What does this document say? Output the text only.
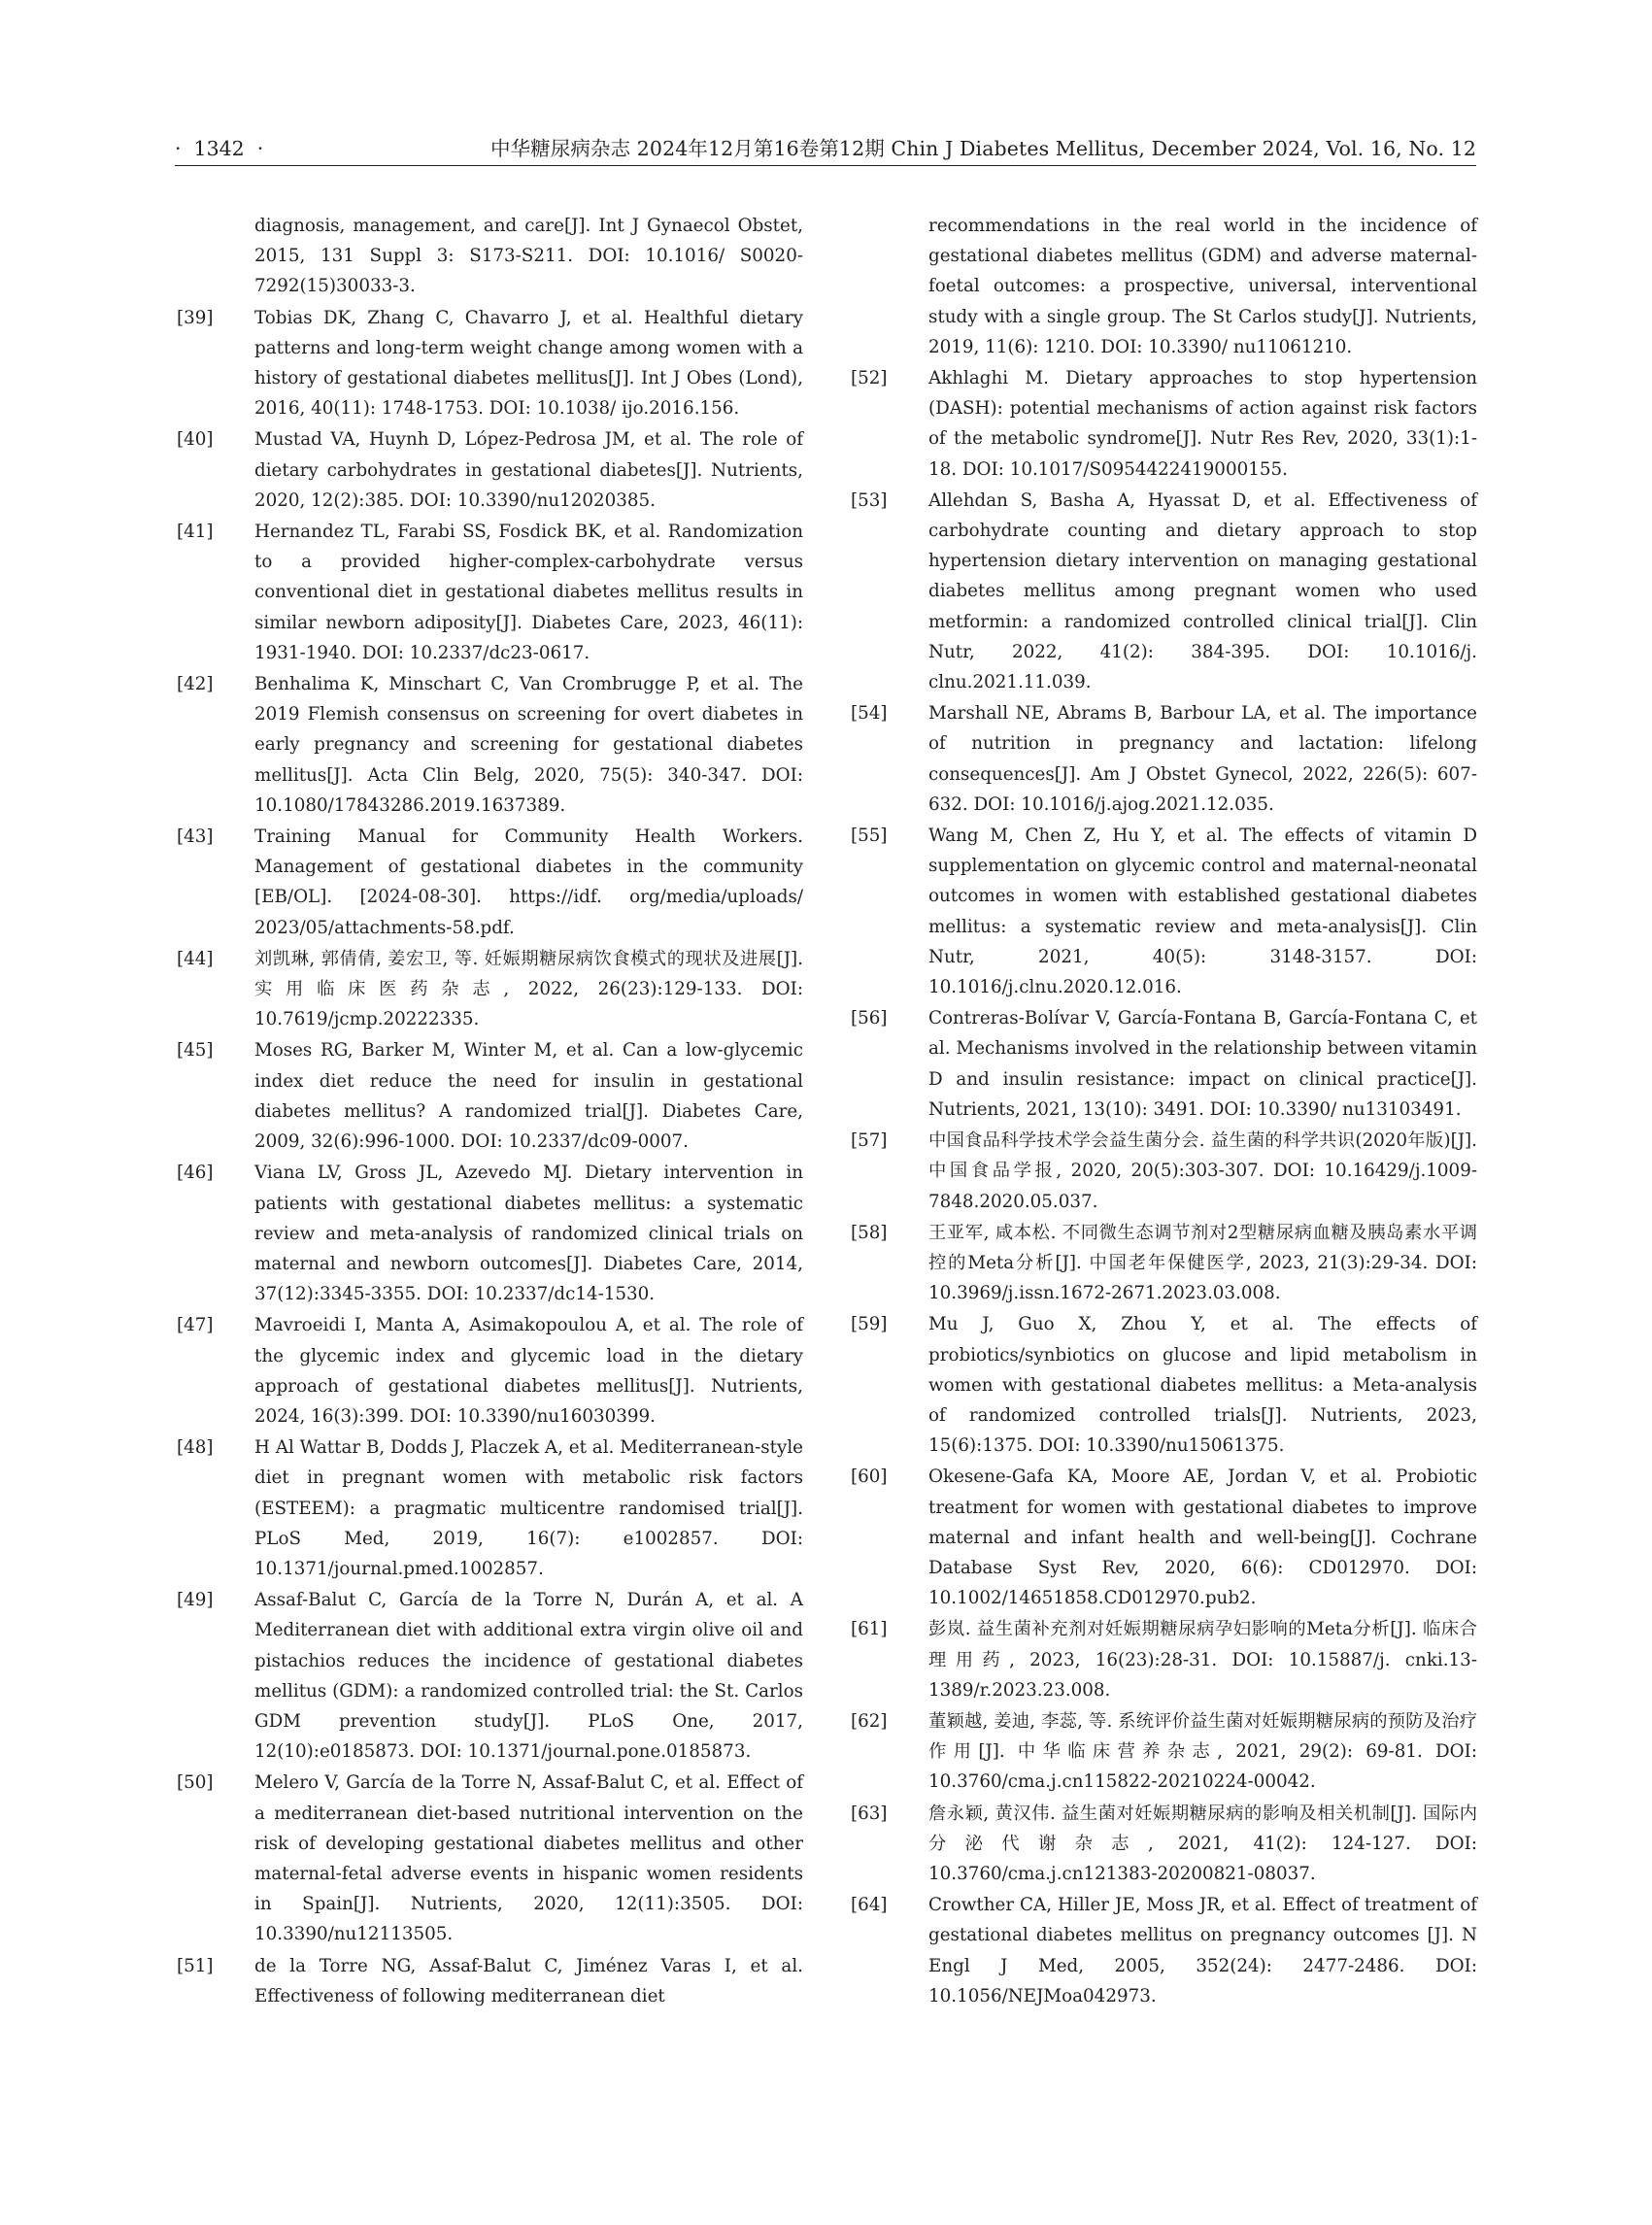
·  1342  ·	中华糖尿病杂志 2024年12月第16卷第12期 Chin J Diabetes Mellitus, December 2024, Vol. 16, No. 12
diagnosis, management, and care[J]. Int J Gynaecol Obstet, 2015, 131 Suppl 3: S173-S211. DOI: 10.1016/ S0020-7292(15)30033-3.
[39] Tobias DK, Zhang C, Chavarro J, et al. Healthful dietary patterns and long-term weight change among women with a history of gestational diabetes mellitus[J]. Int J Obes (Lond), 2016, 40(11): 1748-1753. DOI: 10.1038/ ijo.2016.156.
[40] Mustad VA, Huynh D, López-Pedrosa JM, et al. The role of dietary carbohydrates in gestational diabetes[J]. Nutrients, 2020, 12(2):385. DOI: 10.3390/nu12020385.
[41] Hernandez TL, Farabi SS, Fosdick BK, et al. Randomization to a provided higher-complex-carbohydrate versus conventional diet in gestational diabetes mellitus results in similar newborn adiposity[J]. Diabetes Care, 2023, 46(11): 1931-1940. DOI: 10.2337/dc23-0617.
[42] Benhalima K, Minschart C, Van Crombrugge P, et al. The 2019 Flemish consensus on screening for overt diabetes in early pregnancy and screening for gestational diabetes mellitus[J]. Acta Clin Belg, 2020, 75(5): 340-347. DOI: 10.1080/17843286.2019.1637389.
[43] Training Manual for Community Health Workers. Management of gestational diabetes in the community [EB/OL]. [2024-08-30]. https://idf. org/media/uploads/ 2023/05/attachments-58.pdf.
[44] 刘凯琳, 郭倩倩, 姜宏卫, 等. 妊娠期糖尿病饮食模式的现状及进展[J]. 实用临床医药杂志, 2022, 26(23):129-133. DOI: 10.7619/jcmp.20222335.
[45] Moses RG, Barker M, Winter M, et al. Can a low-glycemic index diet reduce the need for insulin in gestational diabetes mellitus? A randomized trial[J]. Diabetes Care, 2009, 32(6):996-1000. DOI: 10.2337/dc09-0007.
[46] Viana LV, Gross JL, Azevedo MJ. Dietary intervention in patients with gestational diabetes mellitus: a systematic review and meta-analysis of randomized clinical trials on maternal and newborn outcomes[J]. Diabetes Care, 2014, 37(12):3345-3355. DOI: 10.2337/dc14-1530.
[47] Mavroeidi I, Manta A, Asimakopoulou A, et al. The role of the glycemic index and glycemic load in the dietary approach of gestational diabetes mellitus[J]. Nutrients, 2024, 16(3):399. DOI: 10.3390/nu16030399.
[48] H Al Wattar B, Dodds J, Placzek A, et al. Mediterranean-style diet in pregnant women with metabolic risk factors (ESTEEM): a pragmatic multicentre randomised trial[J]. PLoS Med, 2019, 16(7): e1002857. DOI: 10.1371/journal.pmed.1002857.
[49] Assaf-Balut C, García de la Torre N, Durán A, et al. A Mediterranean diet with additional extra virgin olive oil and pistachios reduces the incidence of gestational diabetes mellitus (GDM): a randomized controlled trial: the St. Carlos GDM prevention study[J]. PLoS One, 2017, 12(10):e0185873. DOI: 10.1371/journal.pone.0185873.
[50] Melero V, García de la Torre N, Assaf-Balut C, et al. Effect of a mediterranean diet-based nutritional intervention on the risk of developing gestational diabetes mellitus and other maternal-fetal adverse events in hispanic women residents in Spain[J]. Nutrients, 2020, 12(11):3505. DOI: 10.3390/nu12113505.
[51] de la Torre NG, Assaf-Balut C, Jiménez Varas I, et al. Effectiveness of following mediterranean diet
recommendations in the real world in the incidence of gestational diabetes mellitus (GDM) and adverse maternal-foetal outcomes: a prospective, universal, interventional study with a single group. The St Carlos study[J]. Nutrients, 2019, 11(6): 1210. DOI: 10.3390/ nu11061210.
[52] Akhlaghi M. Dietary approaches to stop hypertension (DASH): potential mechanisms of action against risk factors of the metabolic syndrome[J]. Nutr Res Rev, 2020, 33(1):1-18. DOI: 10.1017/S0954422419000155.
[53] Allehdan S, Basha A, Hyassat D, et al. Effectiveness of carbohydrate counting and dietary approach to stop hypertension dietary intervention on managing gestational diabetes mellitus among pregnant women who used metformin: a randomized controlled clinical trial[J]. Clin Nutr, 2022, 41(2): 384-395. DOI: 10.1016/j. clnu.2021.11.039.
[54] Marshall NE, Abrams B, Barbour LA, et al. The importance of nutrition in pregnancy and lactation: lifelong consequences[J]. Am J Obstet Gynecol, 2022, 226(5): 607-632. DOI: 10.1016/j.ajog.2021.12.035.
[55] Wang M, Chen Z, Hu Y, et al. The effects of vitamin D supplementation on glycemic control and maternal-neonatal outcomes in women with established gestational diabetes mellitus: a systematic review and meta-analysis[J]. Clin Nutr, 2021, 40(5): 3148-3157. DOI: 10.1016/j.clnu.2020.12.016.
[56] Contreras-Bolívar V, García-Fontana B, García-Fontana C, et al. Mechanisms involved in the relationship between vitamin D and insulin resistance: impact on clinical practice[J]. Nutrients, 2021, 13(10): 3491. DOI: 10.3390/ nu13103491.
[57] 中国食品科学技术学会益生菌分会. 益生菌的科学共识(2020年版)[J]. 中国食品学报, 2020, 20(5):303-307. DOI: 10.16429/j.1009-7848.2020.05.037.
[58] 王亚军, 咸本松. 不同微生态调节剂对2型糖尿病血糖及胰岛素水平调控的Meta分析[J]. 中国老年保健医学, 2023, 21(3):29-34. DOI: 10.3969/j.issn.1672-2671.2023.03.008.
[59] Mu J, Guo X, Zhou Y, et al. The effects of probiotics/synbiotics on glucose and lipid metabolism in women with gestational diabetes mellitus: a Meta-analysis of randomized controlled trials[J]. Nutrients, 2023, 15(6):1375. DOI: 10.3390/nu15061375.
[60] Okesene-Gafa KA, Moore AE, Jordan V, et al. Probiotic treatment for women with gestational diabetes to improve maternal and infant health and well-being[J]. Cochrane Database Syst Rev, 2020, 6(6): CD012970. DOI: 10.1002/14651858.CD012970.pub2.
[61] 彭岚. 益生菌补充剂对妊娠期糖尿病孕妇影响的Meta分析[J]. 临床合理用药, 2023, 16(23):28-31. DOI: 10.15887/j. cnki.13-1389/r.2023.23.008.
[62] 董颖越, 姜迪, 李蕊, 等. 系统评价益生菌对妊娠期糖尿病的预防及治疗作用[J]. 中华临床营养杂志, 2021, 29(2): 69-81. DOI: 10.3760/cma.j.cn115822-20210224-00042.
[63] 詹永颖, 黄汉伟. 益生菌对妊娠期糖尿病的影响及相关机制[J]. 国际内分泌代谢杂志, 2021, 41(2): 124-127. DOI: 10.3760/cma.j.cn121383-20200821-08037.
[64] Crowther CA, Hiller JE, Moss JR, et al. Effect of treatment of gestational diabetes mellitus on pregnancy outcomes [J]. N Engl J Med, 2005, 352(24): 2477-2486. DOI: 10.1056/NEJMoa042973.
